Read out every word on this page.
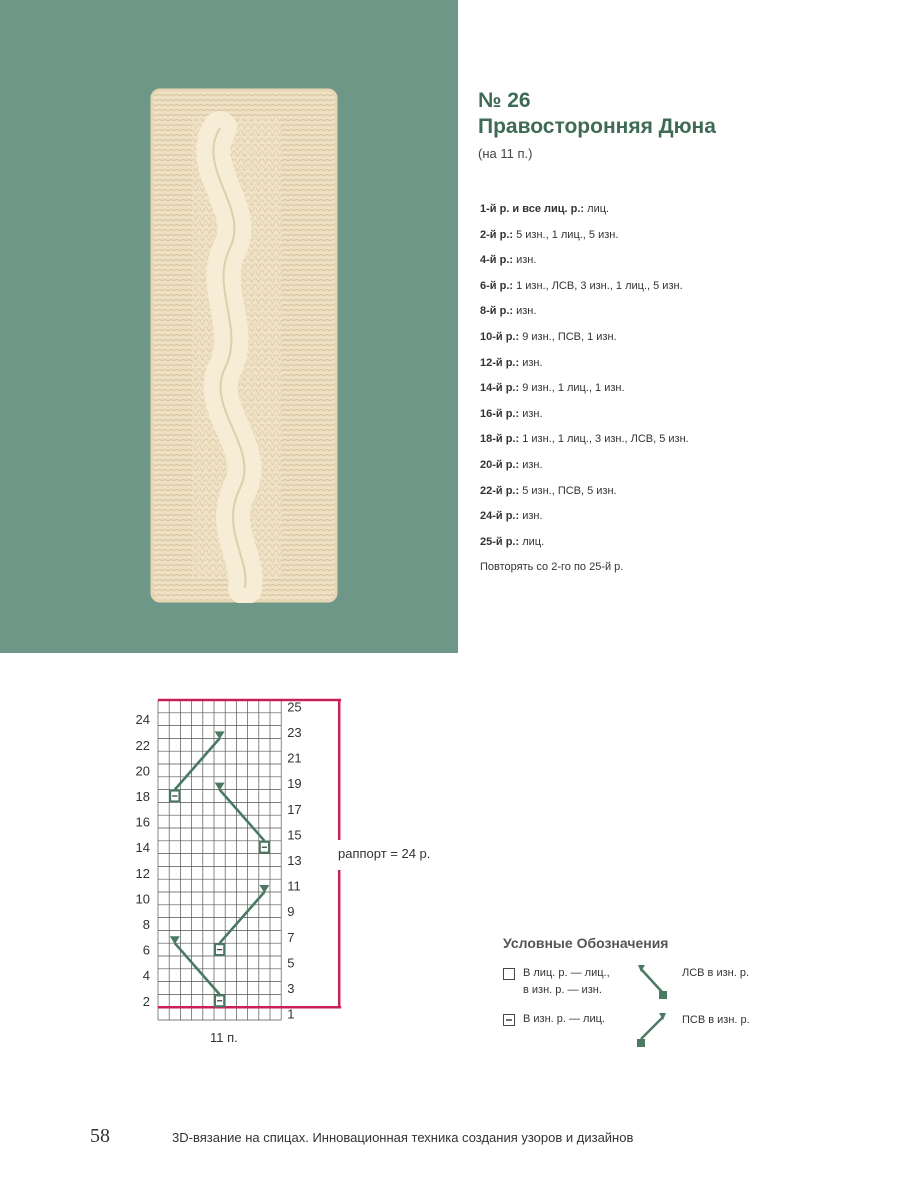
№ 26
Правосторонняя Дюна
(на 11 п.)
1-й р. и все лиц. р.: лиц.
2-й р.: 5 изн., 1 лиц., 5 изн.
4-й р.: изн.
6-й р.: 1 изн., ЛСВ, 3 изн., 1 лиц., 5 изн.
8-й р.: изн.
10-й р.: 9 изн., ПСВ, 1 изн.
12-й р.: изн.
14-й р.: 9 изн., 1 лиц., 1 изн.
16-й р.: изн.
18-й р.: 1 изн., 1 лиц., 3 изн., ЛСВ, 5 изн.
20-й р.: изн.
22-й р.: 5 изн., ПСВ, 5 изн.
24-й р.: изн.
25-й р.: лиц.
Повторять со 2-го по 25-й р.
24
22
20
18
16
14
12
10
8
6
4
2
25
23
21
19
17
15
13
11
9
7
5
3
1
раппорт = 24 р.
11 п.
Условные Обозначения
В лиц. р. — лиц.,
в изн. р. — изн.
В изн. р. — лиц.
ЛСВ в изн. р.
ПСВ в изн. р.
58	3D-вязание на спицах. Инновационная техника создания узоров и дизайнов
